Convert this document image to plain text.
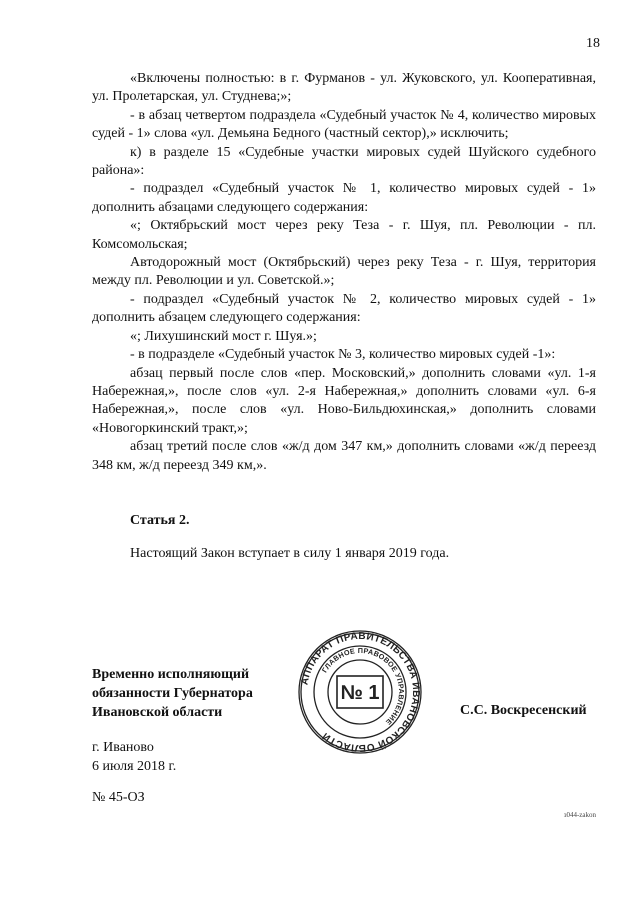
18

«Включены полностью: в г. Фурманов - ул. Жуковского, ул. Кооперативная, ул. Пролетарская, ул. Студнева;»;

- в абзац четвертом подраздела «Судебный участок № 4, количество мировых судей - 1» слова «ул. Демьяна Бедного (частный сектор),» исключить;

к) в разделе 15 «Судебные участки мировых судей Шуйского судебного района»:

- подраздел «Судебный участок № 1, количество мировых судей - 1» дополнить абзацами следующего содержания:

«; Октябрьский мост через реку Теза - г. Шуя, пл. Революции - пл. Комсомольская;

Автодорожный мост (Октябрьский) через реку Теза - г. Шуя, территория между пл. Революции и ул. Советской.»;

- подраздел «Судебный участок № 2, количество мировых судей - 1» дополнить абзацем следующего содержания:

«; Лихушинский мост г. Шуя.»;

- в подразделе «Судебный участок № 3, количество мировых судей -1»:

абзац первый после слов «пер. Московский,» дополнить словами «ул. 1-я Набережная,», после слов «ул. 2-я Набережная,» дополнить словами «ул. 6-я Набережная,», после слов «ул. Ново-Бильдюхинская,» дополнить словами «Новогоркинский тракт,»;

абзац третий после слов «ж/д дом 347 км,» дополнить словами «ж/д переезд 348 км, ж/д переезд 349 км,».

Статья 2.
Настоящий Закон вступает в силу 1 января 2019 года.
Временно исполняющий
обязанности Губернатора
Ивановской области
АППАРАТ ПРАВИТЕЛЬСТВА ИВАНОВСКОЙ ОБЛАСТИ
ГЛАВНОЕ ПРАВОВОЕ УПРАВЛЕНИЕ
№ 1
С.С. Воскресенский
г. Иваново
6 июля 2018 г.
№ 45-ОЗ
з044-zakon
